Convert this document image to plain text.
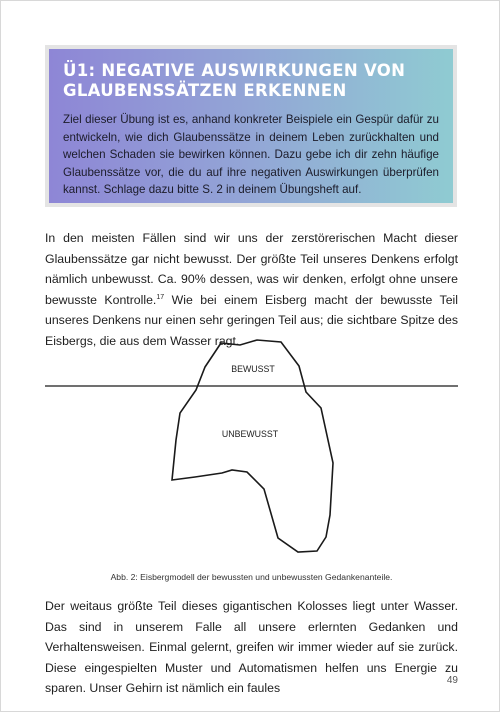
Ü1: NEGATIVE AUSWIRKUNGEN VON
GLAUBENSSÄTZEN ERKENNEN

Ziel dieser Übung ist es, anhand konkreter Beispiele ein Gespür dafür zu entwickeln, wie dich Glaubenssätze in deinem Leben zurückhalten und welchen Schaden sie bewirken können. Dazu gebe ich dir zehn häufige Glaubenssätze vor, die du auf ihre negativen Auswirkungen überprüfen kannst. Schlage dazu bitte S. 2 in deinem Übungsheft auf.

In den meisten Fällen sind wir uns der zerstörerischen Macht dieser Glaubenssätze gar nicht bewusst. Der größte Teil unseres Denkens erfolgt nämlich unbewusst. Ca. 90% dessen, was wir denken, erfolgt ohne unsere bewusste Kontrolle.$^{17}$ Wie bei einem Eisberg macht der bewusste Teil unseres Denkens nur einen sehr geringen Teil aus; die sichtbare Spitze des Eisbergs, die aus dem Wasser ragt.

BEWUSST
UNBEWUSST

Abb. 2: Eisbergmodell der bewussten und unbewussten Gedankenanteile.

Der weitaus größte Teil dieses gigantischen Kolosses liegt unter Wasser. Das sind in unserem Falle all unsere erlernten Gedanken und Verhaltensweisen. Einmal gelernt, greifen wir immer wieder auf sie zurück. Diese eingespielten Muster und Automatismen helfen uns Energie zu sparen. Unser Gehirn ist nämlich ein faules

49
